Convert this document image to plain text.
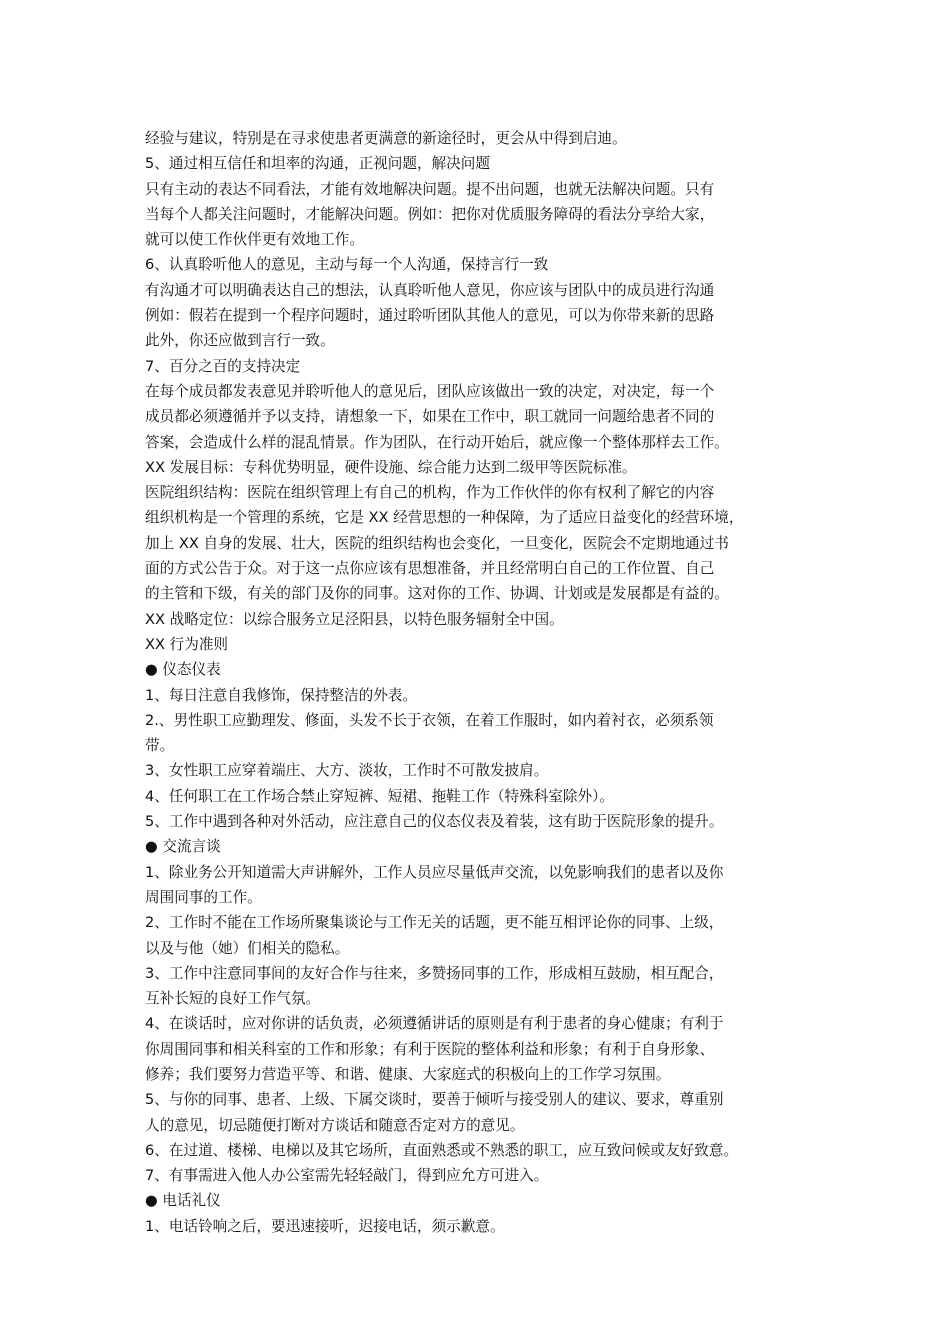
经验与建议，特别是在寻求使患者更满意的新途径时，更会从中得到启迪。

5、通过相互信任和坦率的沟通，正视问题，解决问题

只有主动的表达不同看法，才能有效地解决问题。提不出问题，也就无法解决问题。只有

当每个人都关注问题时，才能解决问题。例如：把你对优质服务障碍的看法分享给大家，

就可以使工作伙伴更有效地工作。

6、认真聆听他人的意见，主动与每一个人沟通，保持言行一致

有沟通才可以明确表达自己的想法，认真聆听他人意见，你应该与团队中的成员进行沟通

例如：假若在提到一个程序问题时，通过聆听团队其他人的意见，可以为你带来新的思路

此外，你还应做到言行一致。

7、百分之百的支持决定

在每个成员都发表意见并聆听他人的意见后，团队应该做出一致的决定，对决定，每一个

成员都必须遵循并予以支持，请想象一下，如果在工作中，职工就同一问题给患者不同的

答案，会造成什么样的混乱情景。作为团队，在行动开始后，就应像一个整体那样去工作。

XX 发展目标：专科优势明显，硬件设施、综合能力达到二级甲等医院标准。

医院组织结构：医院在组织管理上有自己的机构，作为工作伙伴的你有权利了解它的内容

组织机构是一个管理的系统，它是 XX 经营思想的一种保障，为了适应日益变化的经营环境，

加上 XX 自身的发展、壮大，医院的组织结构也会变化，一旦变化，医院会不定期地通过书

面的方式公告于众。对于这一点你应该有思想准备，并且经常明白自己的工作位置、自己

的主管和下级，有关的部门及你的同事。这对你的工作、协调、计划或是发展都是有益的。

XX 战略定位：以综合服务立足泾阳县，以特色服务辐射全中国。

XX 行为准则

● 仪态仪表

1、每日注意自我修饰，保持整洁的外表。

2.、男性职工应勤理发、修面，头发不长于衣领，在着工作服时，如内着衬衣，必须系领

带。

3、女性职工应穿着端庄、大方、淡妆，工作时不可散发披肩。

4、任何职工在工作场合禁止穿短裤、短裙、拖鞋工作（特殊科室除外）。

5、工作中遇到各种对外活动，应注意自己的仪态仪表及着装，这有助于医院形象的提升。

● 交流言谈

1、除业务公开知道需大声讲解外，工作人员应尽量低声交流，以免影响我们的患者以及你

周围同事的工作。

2、工作时不能在工作场所聚集谈论与工作无关的话题，更不能互相评论你的同事、上级，

以及与他（她）们相关的隐私。

3、工作中注意同事间的友好合作与往来，多赞扬同事的工作，形成相互鼓励，相互配合，

互补长短的良好工作气氛。

4、在谈话时，应对你讲的话负责，必须遵循讲话的原则是有利于患者的身心健康；有利于

你周围同事和相关科室的工作和形象；有利于医院的整体利益和形象；有利于自身形象、

修养；我们要努力营造平等、和谐、健康、大家庭式的积极向上的工作学习氛围。

5、与你的同事、患者、上级、下属交谈时，要善于倾听与接受别人的建议、要求，尊重别

人的意见，切忌随便打断对方谈话和随意否定对方的意见。

6、在过道、楼梯、电梯以及其它场所，直面熟悉或不熟悉的职工，应互致问候或友好致意。

7、有事需进入他人办公室需先轻轻敲门，得到应允方可进入。

● 电话礼仪

1、电话铃响之后，要迅速接听，迟接电话，须示歉意。
